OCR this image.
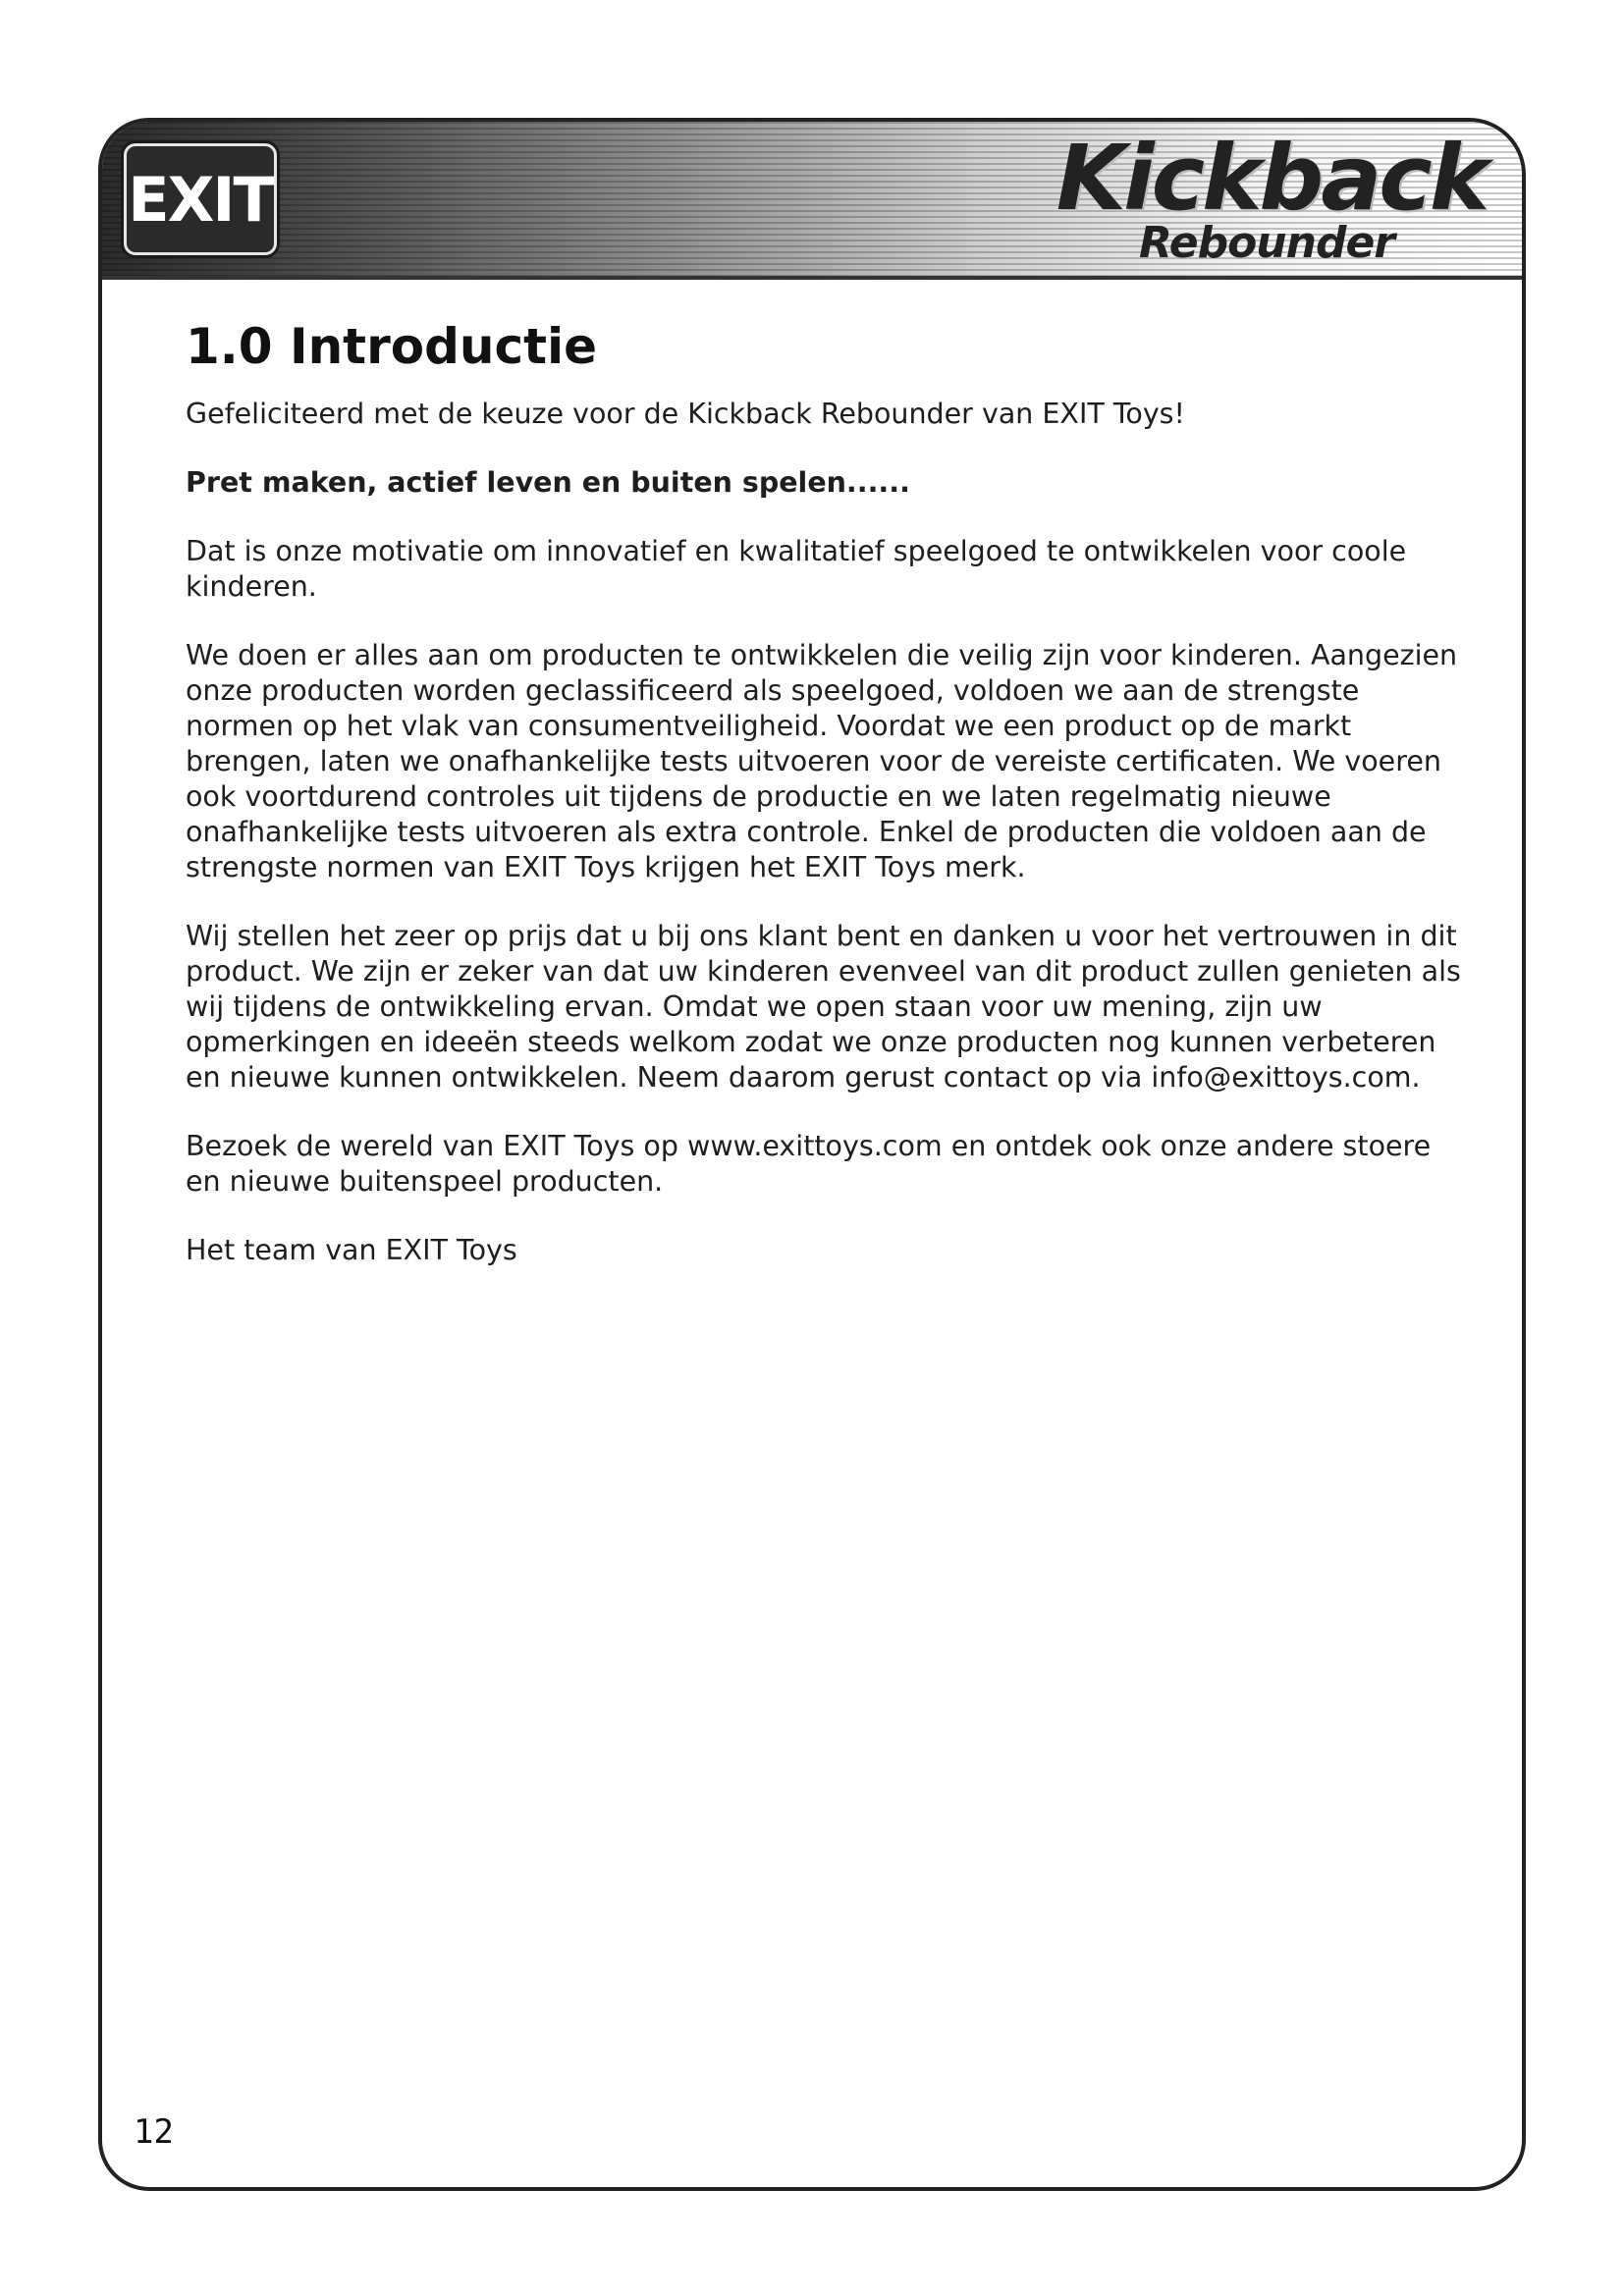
EXIT	Kickback
Rebounder
1.0 Introductie

Gefeliciteerd met de keuze voor de Kickback Rebounder van EXIT Toys!

Pret maken, actief leven en buiten spelen......

Dat is onze motivatie om innovatief en kwalitatief speelgoed te ontwikkelen voor coole kinderen.

We doen er alles aan om producten te ontwikkelen die veilig zijn voor kinderen. Aangezien onze producten worden geclassificeerd als speelgoed, voldoen we aan de strengste normen op het vlak van consumentveiligheid. Voordat we een product op de markt brengen, laten we onafhankelijke tests uitvoeren voor de vereiste certificaten. We voeren ook voortdurend controles uit tijdens de productie en we laten regelmatig nieuwe onafhankelijke tests uitvoeren als extra controle. Enkel de producten die voldoen aan de strengste normen van EXIT Toys krijgen het EXIT Toys merk.

Wij stellen het zeer op prijs dat u bij ons klant bent en danken u voor het vertrouwen in dit product. We zijn er zeker van dat uw kinderen evenveel van dit product zullen genieten als wij tijdens de ontwikkeling ervan. Omdat we open staan voor uw mening, zijn uw opmerkingen en ideeën steeds welkom zodat we onze producten nog kunnen verbeteren en nieuwe kunnen ontwikkelen. Neem daarom gerust contact op via info@exittoys.com.

Bezoek de wereld van EXIT Toys op www.exittoys.com en ontdek ook onze andere stoere en nieuwe buitenspeel producten.

Het team van EXIT Toys

12
